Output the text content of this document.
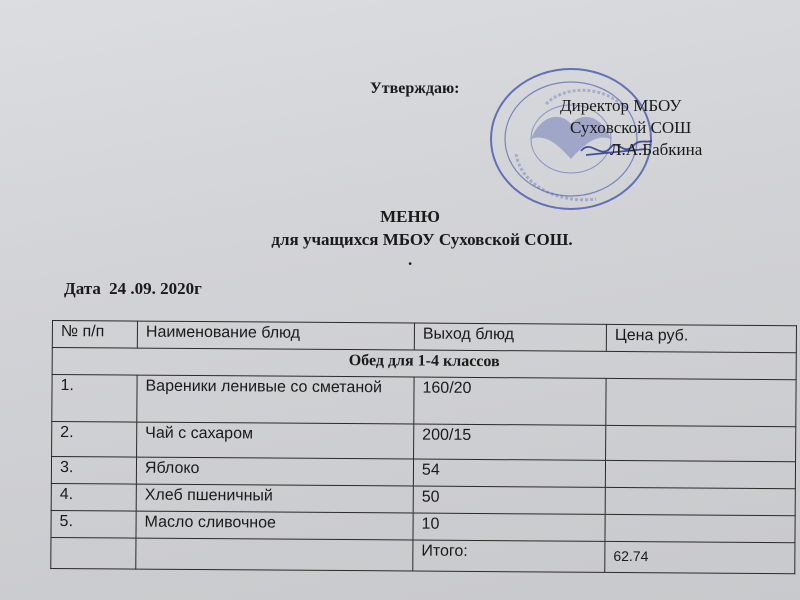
Утверждаю:
Директор МБОУ
Суховской СОШ
Л.А.Бабкина
МЕНЮ
для учащихся МБОУ Суховской СОШ.
.
Дата 24 .09. 2020г
№ п/п	Наименование блюд	Выход блюд	Цена руб.
Обед для 1-4 классов			
1.	Вареники ленивые со сметаной	160/20	
2.	Чай с сахаром	200/15	
3.	Яблоко	54	
4.	Хлеб пшеничный	50	
5.	Масло сливочное	10	
		Итого:	62.74
